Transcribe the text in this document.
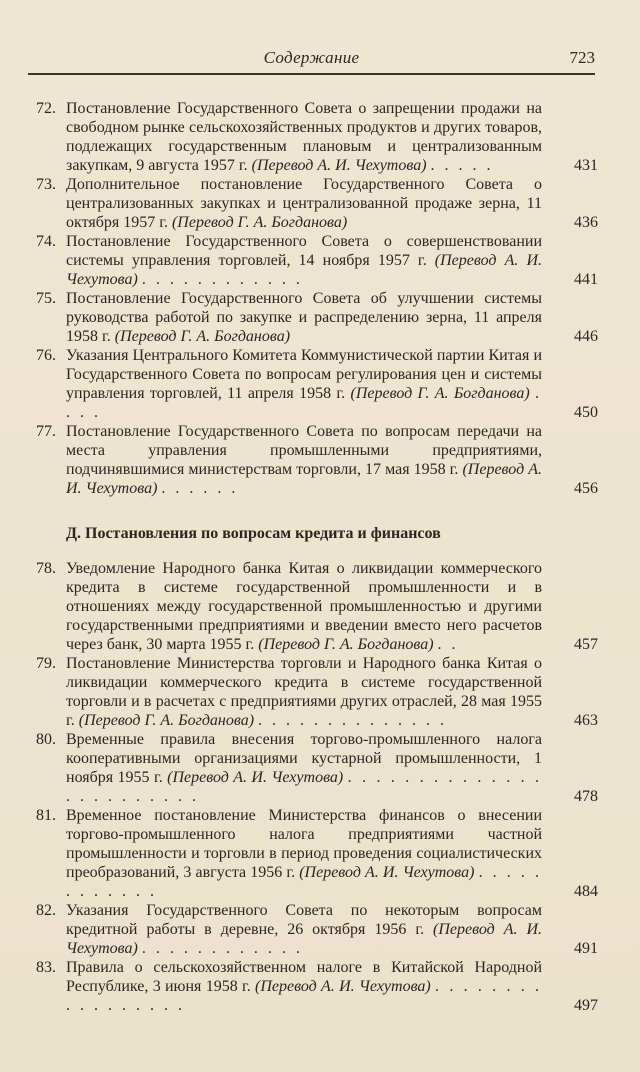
Содержание	723
72. Постановление Государственного Совета о запрещении продажи на свободном рынке сельскохозяйственных продуктов и других товаров, подлежащих государственным плановым и централизованным закупкам, 9 августа 1957 г. (Перевод А. И. Чехутова) . . . . .	431
73. Дополнительное постановление Государственного Совета о централизованных закупках и централизованной продаже зерна, 11 октября 1957 г. (Перевод Г. А. Богданова)	436
74. Постановление Государственного Совета о совершенствовании системы управления торговлей, 14 ноября 1957 г. (Перевод А. И. Чехутова) . . . . . . . . . . . .	441
75. Постановление Государственного Совета об улучшении системы руководства работой по закупке и распределению зерна, 11 апреля 1958 г. (Перевод Г. А. Богданова)	446
76. Указания Центрального Комитета Коммунистической партии Китая и Государственного Совета по вопросам регулирования цен и системы управления торговлей, 11 апреля 1958 г. (Перевод Г. А. Богданова) . . . .	450
77. Постановление Государственного Совета по вопросам передачи на места управления промышленными предприятиями, подчинявшимися министерствам торговли, 17 мая 1958 г. (Перевод А. И. Чехутова) . . . . . .	456
Д. Постановления по вопросам кредита и финансов
78. Уведомление Народного банка Китая о ликвидации коммерческого кредита в системе государственной промышленности и в отношениях между государственной промышленностью и другими государственными предприятиями и введении вместо него расчетов через банк, 30 марта 1955 г. (Перевод Г. А. Богданова) . .	457
79. Постановление Министерства торговли и Народного банка Китая о ликвидации коммерческого кредита в системе государственной торговли и в расчетах с предприятиями других отраслей, 28 мая 1955 г. (Перевод Г. А. Богданова) . . . . . . . . . . . . . .	463
80. Временные правила внесения торгово-промышленного налога кооперативными организациями кустарной промышленности, 1 ноября 1955 г. (Перевод А. И. Чехутова) . . . . . . . . . . . . . . . . . . . . . . . .	478
81. Временное постановление Министерства финансов о внесении торгово-промышленного налога предприятиями частной промышленности и торговли в период проведения социалистических преобразований, 3 августа 1956 г. (Перевод А. И. Чехутова) . . . . . . . . . . . .	484
82. Указания Государственного Совета по некоторым вопросам кредитной работы в деревне, 26 октября 1956 г. (Перевод А. И. Чехутова) . . . . . . . . . . . .	491
83. Правила о сельскохозяйственном налоге в Китайской Народной Республике, 3 июня 1958 г. (Перевод А. И. Чехутова) . . . . . . . . . . . . . . . . .	497
